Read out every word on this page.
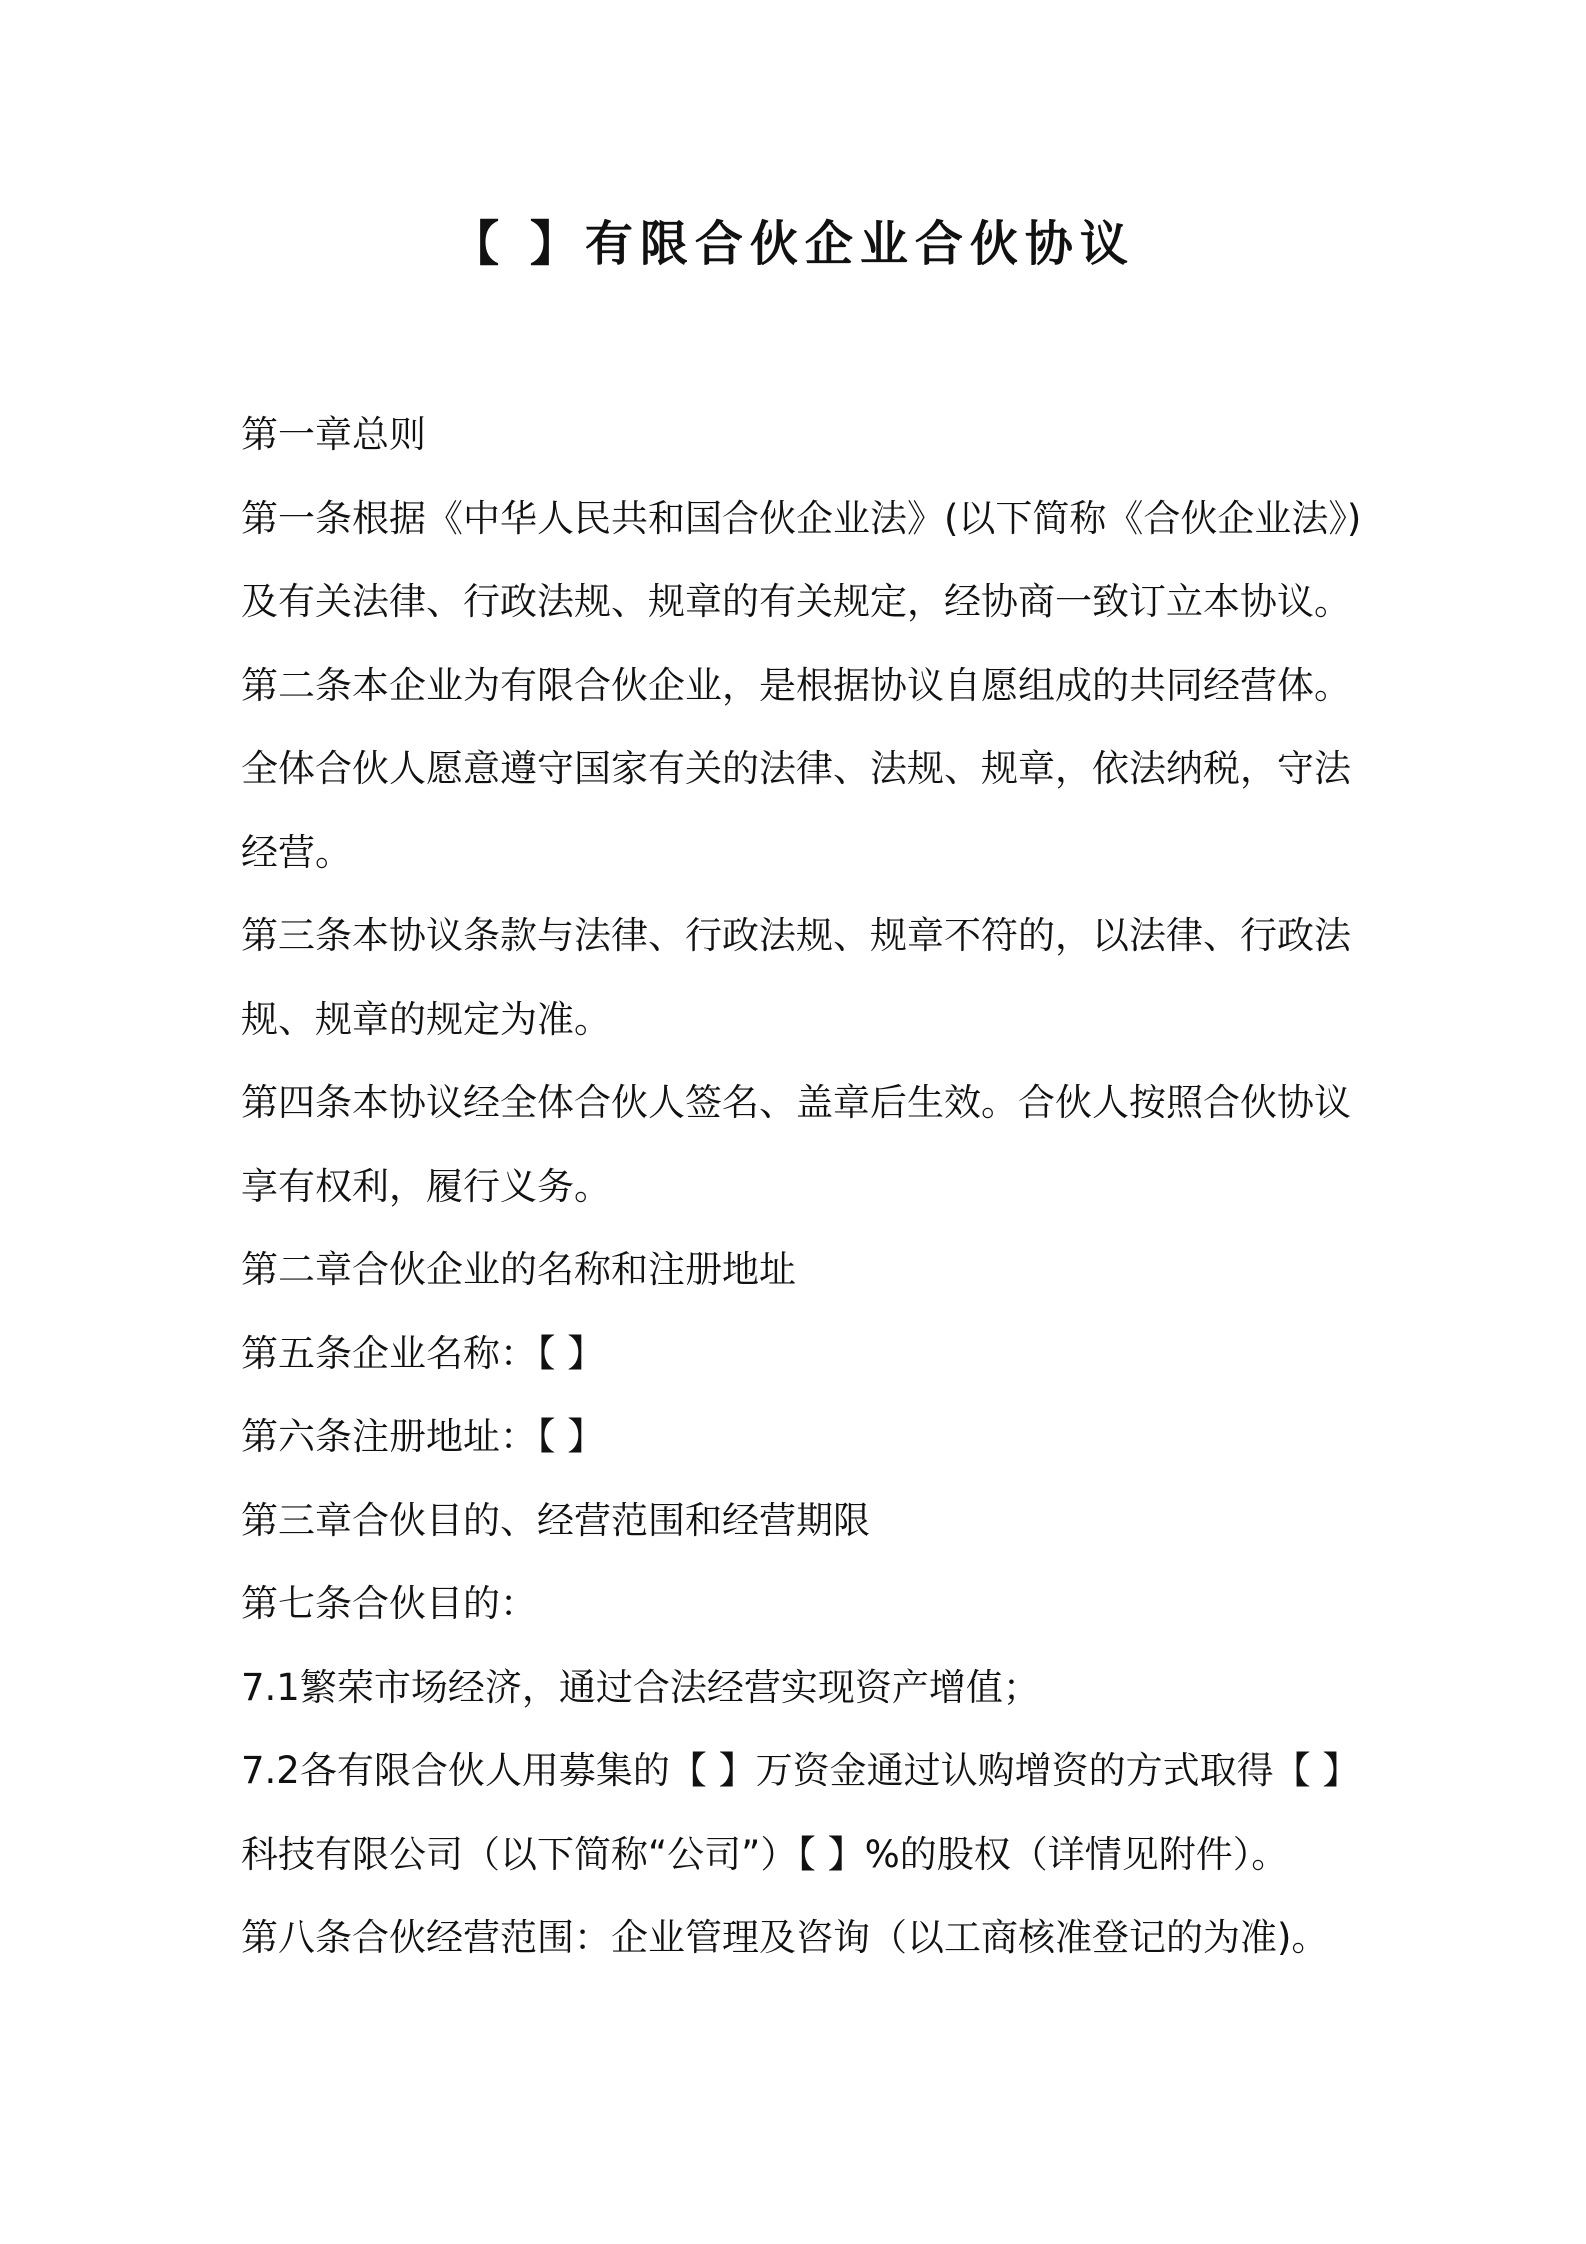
【 】有限合伙企业合伙协议
第一章总则
第一条根据《中华人民共和国合伙企业法》(以下简称《合伙企业法》)
及有关法律、行政法规、规章的有关规定，经协商一致订立本协议。
第二条本企业为有限合伙企业，是根据协议自愿组成的共同经营体。
全体合伙人愿意遵守国家有关的法律、法规、规章，依法纳税，守法
经营。
第三条本协议条款与法律、行政法规、规章不符的，以法律、行政法
规、规章的规定为准。
第四条本协议经全体合伙人签名、盖章后生效。合伙人按照合伙协议
享有权利，履行义务。
第二章合伙企业的名称和注册地址
第五条企业名称：【 】
第六条注册地址：【 】
第三章合伙目的、经营范围和经营期限
第七条合伙目的：
7.1繁荣市场经济，通过合法经营实现资产增值；
7.2各有限合伙人用募集的【 】万资金通过认购增资的方式取得【 】
科技有限公司（以下简称“公司”）【 】%的股权（详情见附件）。
第八条合伙经营范围：企业管理及咨询（以工商核准登记的为准)。
